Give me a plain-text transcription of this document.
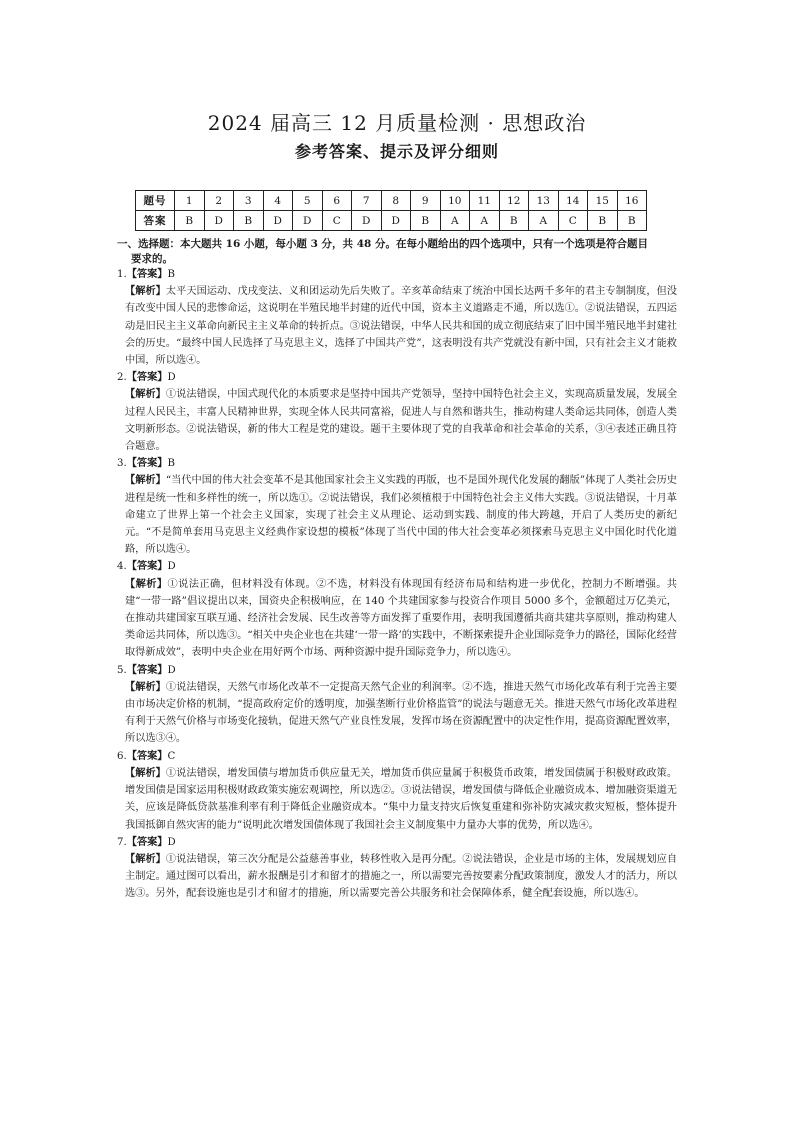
2024 届高三 12 月质量检测 · 思想政治
参考答案、提示及评分细则
题号	1	2	3	4	5	6	7	8	9	10	11	12	13	14	15	16
答案	B	D	B	D	D	C	D	D	B	A	A	B	A	C	B	B
一、选择题：本大题共 16 小题，每小题 3 分，共 48 分。在每小题给出的四个选项中，只有一个选项是符合题目
要求的。

1.【答案】B

【解析】太平天国运动、戊戌变法、义和团运动先后失败了。辛亥革命结束了统治中国长达两千多年的君主专制制度，但没有改变中国人民的悲惨命运，这说明在半殖民地半封建的近代中国，资本主义道路走不通，所以选①。②说法错误，五四运动是旧民主主义革命向新民主主义革命的转折点。③说法错误，中华人民共和国的成立彻底结束了旧中国半殖民地半封建社会的历史。“最终中国人民选择了马克思主义，选择了中国共产党”，这表明没有共产党就没有新中国，只有社会主义才能救中国，所以选④。

2.【答案】D

【解析】①说法错误，中国式现代化的本质要求是坚持中国共产党领导，坚持中国特色社会主义，实现高质量发展，发展全过程人民民主，丰富人民精神世界，实现全体人民共同富裕，促进人与自然和谐共生，推动构建人类命运共同体，创造人类文明新形态。②说法错误，新的伟大工程是党的建设。题干主要体现了党的自我革命和社会革命的关系，③④表述正确且符合题意。

3.【答案】B

【解析】“当代中国的伟大社会变革不是其他国家社会主义实践的再版，也不是国外现代化发展的翻版”体现了人类社会历史进程是统一性和多样性的统一，所以选①。②说法错误，我们必须植根于中国特色社会主义伟大实践。③说法错误，十月革命建立了世界上第一个社会主义国家，实现了社会主义从理论、运动到实践、制度的伟大跨越，开启了人类历史的新纪元。“不是简单套用马克思主义经典作家设想的模板”体现了当代中国的伟大社会变革必须探索马克思主义中国化时代化道路，所以选④。

4.【答案】D

【解析】①说法正确，但材料没有体现。②不选，材料没有体现国有经济布局和结构进一步优化，控制力不断增强。共建“一带一路”倡议提出以来，国资央企积极响应，在 140 个共建国家参与投资合作项目 5000 多个，金额超过万亿美元，在推动共建国家互联互通、经济社会发展、民生改善等方面发挥了重要作用，表明我国遵循共商共建共享原则，推动构建人类命运共同体，所以选③。“相关中央企业也在共建‘一带一路’的实践中，不断探索提升企业国际竞争力的路径，国际化经营取得新成效”，表明中央企业在用好两个市场、两种资源中提升国际竞争力，所以选④。

5.【答案】D

【解析】①说法错误，天然气市场化改革不一定提高天然气企业的利润率。②不选，推进天然气市场化改革有利于完善主要由市场决定价格的机制，“提高政府定价的透明度，加强垄断行业价格监管”的说法与题意无关。推进天然气市场化改革进程有利于天然气价格与市场变化接轨，促进天然气产业良性发展，发挥市场在资源配置中的决定性作用，提高资源配置效率，所以选③④。

6.【答案】C

【解析】①说法错误，增发国债与增加货币供应量无关，增加货币供应量属于积极货币政策，增发国债属于积极财政政策。增发国债是国家运用积极财政政策实施宏观调控，所以选②。③说法错误，增发国债与降低企业融资成本、增加融资渠道无关，应该是降低贷款基准利率有利于降低企业融资成本。“集中力量支持灾后恢复重建和弥补防灾减灾救灾短板，整体提升我国抵御自然灾害的能力”说明此次增发国债体现了我国社会主义制度集中力量办大事的优势，所以选④。

7.【答案】D

【解析】①说法错误，第三次分配是公益慈善事业，转移性收入是再分配。②说法错误，企业是市场的主体，发展规划应自主制定。通过图可以看出，薪水报酬是引才和留才的措施之一，所以需要完善按要素分配政策制度，激发人才的活力，所以选③。另外，配套设施也是引才和留才的措施，所以需要完善公共服务和社会保障体系，健全配套设施，所以选④。
